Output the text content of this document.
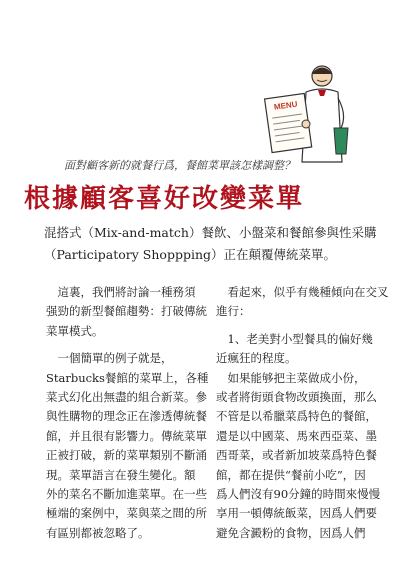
MENU
面對顧客新的就餐行爲，餐館菜單該怎樣調整？
根據顧客喜好改變菜單

混搭式（Mix-and-match）餐飲、小盤菜和餐館參與性采購

（Participatory Shoppping）正在顛覆傳統菜單。

　這裏，我們將討論一種務須

强勁的新型餐館趨勢：打破傳統

菜單模式。

　一個簡單的例子就是，

Starbucks餐館的菜單上，各種

菜式幻化出無盡的組合新菜。參

與性購物的理念正在滲透傳統餐

館，并且很有影響力。傳統菜單

正被打破，新的菜單類别不斷涌

現。菜單語言在發生變化。額

外的菜名不斷加進菜單。在一些

極端的案例中，菜與菜之間的所

有區别都被忽略了。

　看起來，似乎有幾種傾向在交叉

進行：

　1、老美對小型餐具的偏好幾

近瘋狂的程度。

　如果能够把主菜做成小份，

或者將街頭食物改頭換面，那么

不管是以希臘菜爲特色的餐館，

還是以中國菜、馬來西亞菜、墨

西哥菜，或者新加坡菜爲特色餐

館，都在提供“餐前小吃”，因

爲人們沒有90分鐘的時間來慢慢

享用一頓傳統飯菜，因爲人們要

避免含澱粉的食物，因爲人們
